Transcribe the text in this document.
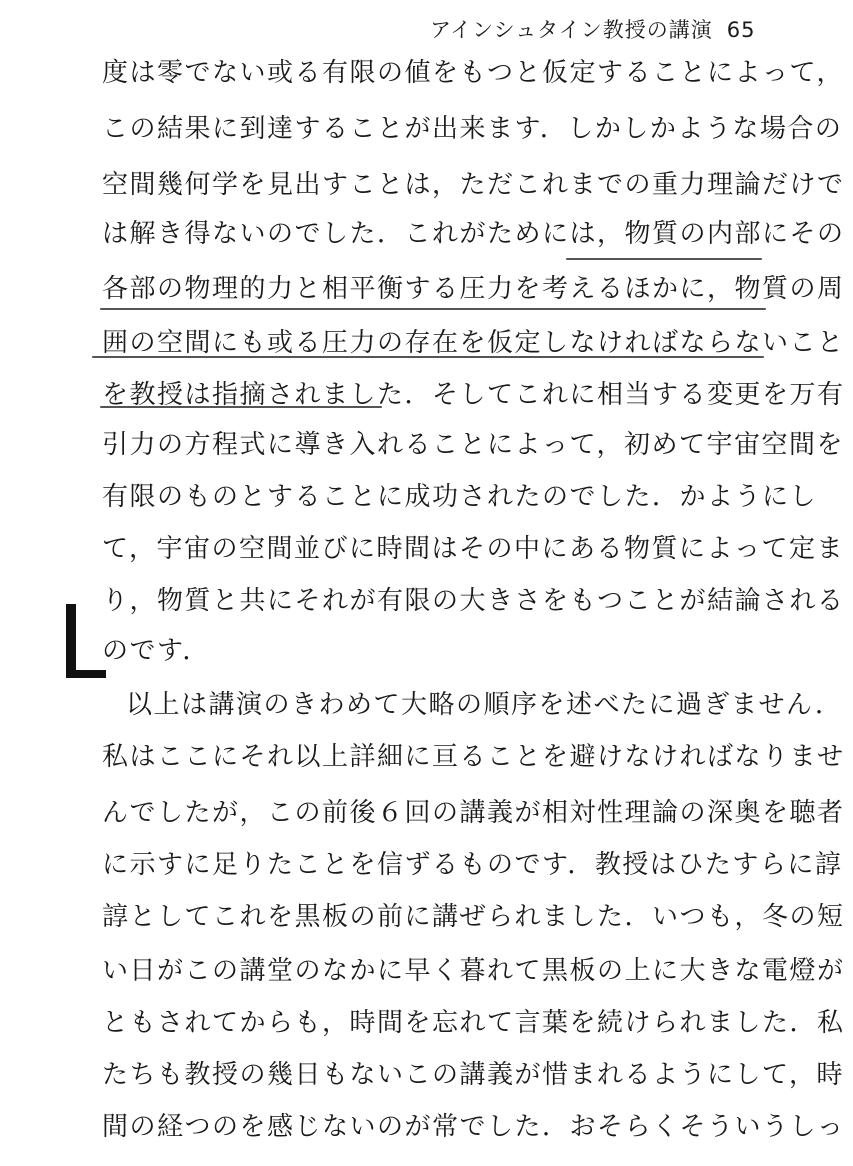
アインシュタイン教授の講演 65
度は零でない或る有限の値をもつと仮定することによって，
この結果に到達することが出来ます．しかしかような場合の
空間幾何学を見出すことは，ただこれまでの重力理論だけで
は解き得ないのでした．これがためには，物質の内部にその
各部の物理的力と相平衡する圧力を考えるほかに，物質の周
囲の空間にも或る圧力の存在を仮定しなければならないこと
を教授は指摘されました．そしてこれに相当する変更を万有
引力の方程式に導き入れることによって，初めて宇宙空間を
有限のものとすることに成功されたのでした．かようにし
て，宇宙の空間並びに時間はその中にある物質によって定ま
り，物質と共にそれが有限の大きさをもつことが結論される
のです．
以上は講演のきわめて大略の順序を述べたに過ぎません．
私はここにそれ以上詳細に亘ることを避けなければなりませ
んでしたが，この前後６回の講義が相対性理論の深奥を聴者
に示すに足りたことを信ずるものです．教授はひたすらに諄
諄としてこれを黒板の前に講ぜられました．いつも，冬の短
い日がこの講堂のなかに早く暮れて黒板の上に大きな電燈が
ともされてからも，時間を忘れて言葉を続けられました．私
たちも教授の幾日もないこの講義が惜まれるようにして，時
間の経つのを感じないのが常でした．おそらくそういうしっ
